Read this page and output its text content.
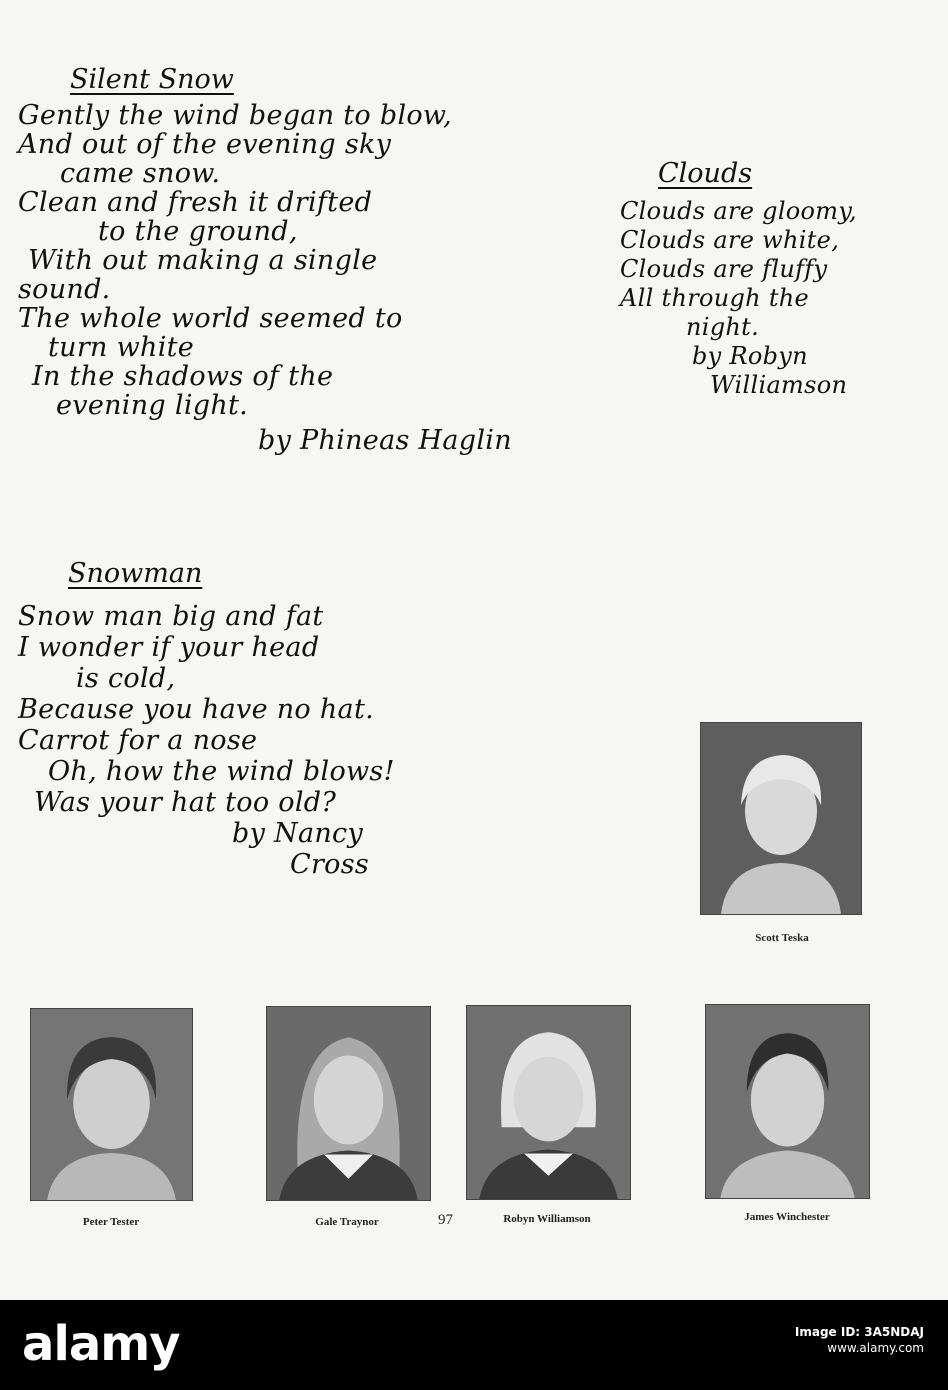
Silent Snow
Gently the wind began to blow,
And out of the evening sky
came snow.
Clean and fresh it drifted
to the ground,
With out making a single
sound.
The whole world seemed to
turn white
In the shadows of the
evening light.
by Phineas Haglin
Clouds
Clouds are gloomy,
Clouds are white,
Clouds are fluffy
All through the
night.
by Robyn
Williamson
Snowman
Snow man big and fat
I wonder if your head
is cold,
Because you have no hat.
Carrot for a nose
Oh, how the wind blows!
Was your hat too old?
by Nancy
Cross
Scott Teska
Peter Tester	Gale Traynor	Robyn Williamson	James Winchester
97
alamy	Image ID: 3A5NDAJ
www.alamy.com
